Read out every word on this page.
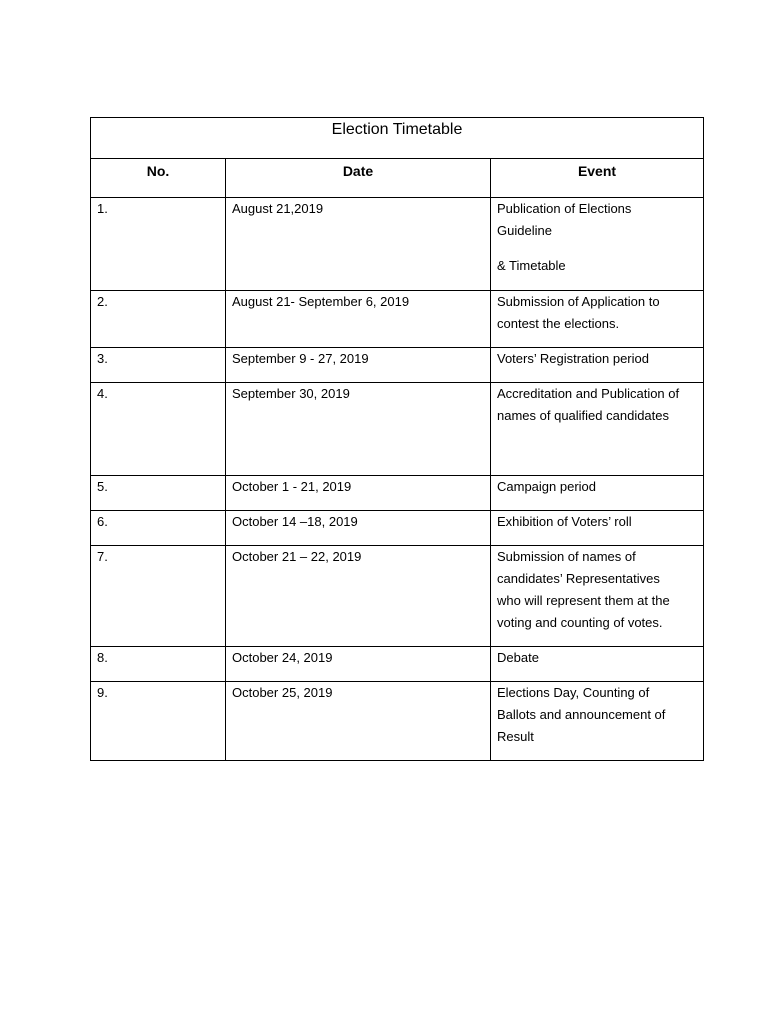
Election Timetable		
No.	Date	Event
1.	August 21,2019	Publication of Elections
Guideline
& Timetable

2.	August 21- September 6, 2019	Submission of Application to
contest the elections.

3.	September 9 - 27, 2019	Voters’ Registration period

4.	September 30, 2019	Accreditation and Publication of
names of qualified candidates

5.	October 1 - 21, 2019	Campaign period

6.	October 14 –18, 2019	Exhibition of Voters’ roll

7.	October 21 – 22, 2019	Submission of names of
candidates’ Representatives
who will represent them at the
voting and counting of votes.

8.	October 24, 2019	Debate

9.	October 25, 2019	Elections Day, Counting of
Ballots and announcement of
Result
